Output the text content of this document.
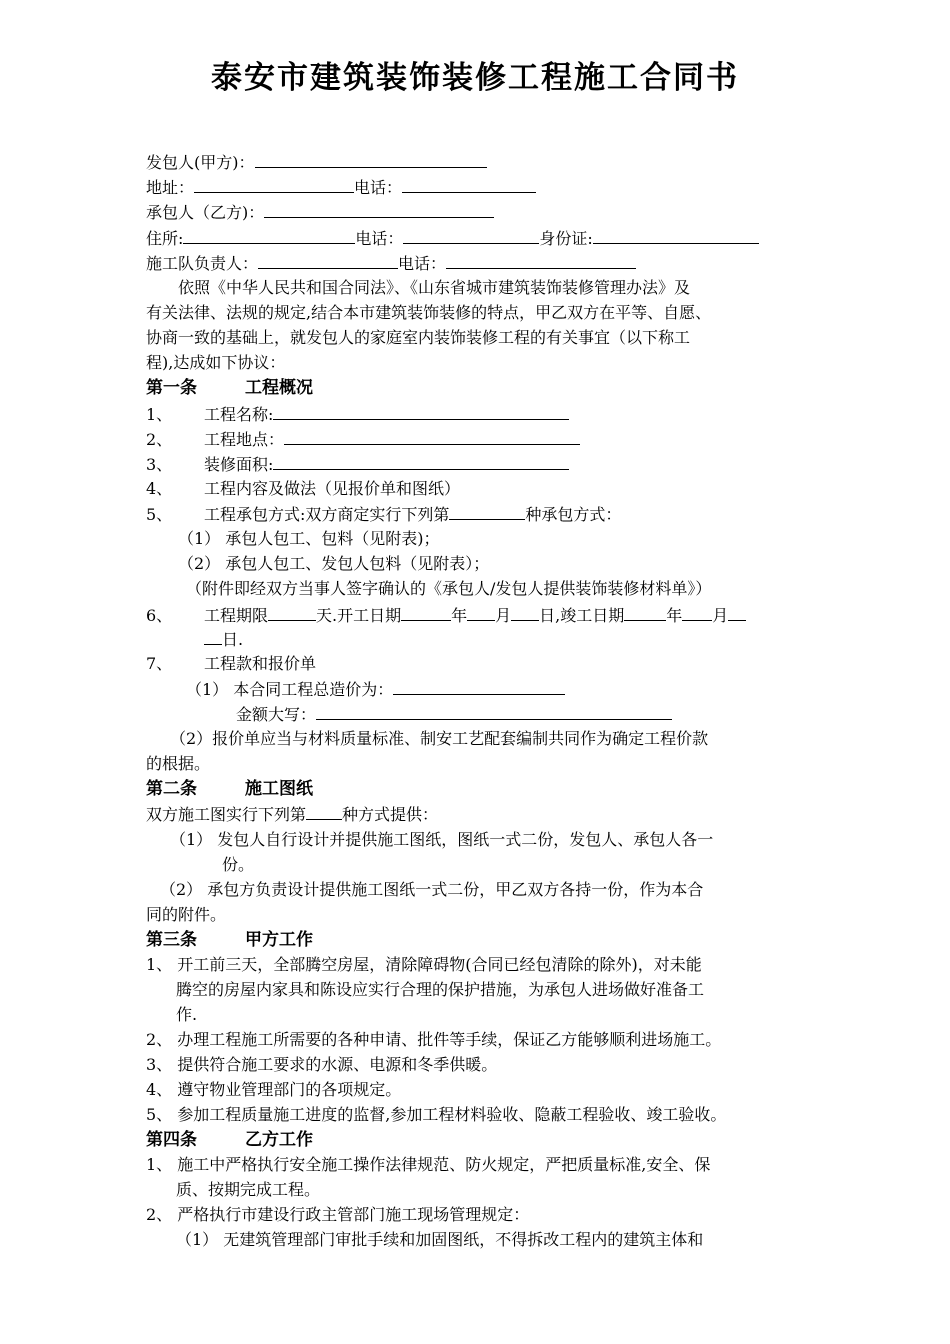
泰安市建筑装饰装修工程施工合同书
发包人(甲方)：
地址：	电话：
承包人（乙方)：
住所:	电话：	身份证:
施工队负责人：	电话：
依照《中华人民共和国合同法》、《山东省城市建筑装饰装修管理办法》及
有关法律、法规的规定,结合本市建筑装饰装修的特点，甲乙双方在平等、自愿、
协商一致的基础上，就发包人的家庭室内装饰装修工程的有关事宜（以下称工
程),达成如下协议：
第一条	工程概况
1、 工程名称:
2、 工程地点：
3、 装修面积:
4、 工程内容及做法（见报价单和图纸）
5、 工程承包方式:双方商定实行下列第	种承包方式：
（1） 承包人包工、包料（见附表)；
（2） 承包人包工、发包人包料（见附表）；
（附件即经双方当事人签字确认的《承包人/发包人提供装饰装修材料单》）
6、 工程期限	天.开工日期	年 月 日,竣工日期	年 月
日.
7、 工程款和报价单
（1） 本合同工程总造价为：
金额大写：
（2）报价单应当与材料质量标准、制安工艺配套编制共同作为确定工程价款
的根据。
第二条	施工图纸
双方施工图实行下列第 种方式提供：
（1） 发包人自行设计并提供施工图纸，图纸一式二份，发包人、承包人各一
份。
（2） 承包方负责设计提供施工图纸一式二份，甲乙双方各持一份，作为本合
同的附件。
第三条	甲方工作
1、 开工前三天，全部腾空房屋，清除障碍物(合同已经包清除的除外)，对未能
腾空的房屋内家具和陈设应实行合理的保护措施，为承包人进场做好准备工
作.
2、 办理工程施工所需要的各种申请、批件等手续，保证乙方能够顺利进场施工。
3、 提供符合施工要求的水源、电源和冬季供暖。
4、 遵守物业管理部门的各项规定。
5、 参加工程质量施工进度的监督,参加工程材料验收、隐蔽工程验收、竣工验收。
第四条	乙方工作
1、 施工中严格执行安全施工操作法律规范、防火规定，严把质量标准,安全、保
质、按期完成工程。
2、 严格执行市建设行政主管部门施工现场管理规定：
（1） 无建筑管理部门审批手续和加固图纸，不得拆改工程内的建筑主体和
